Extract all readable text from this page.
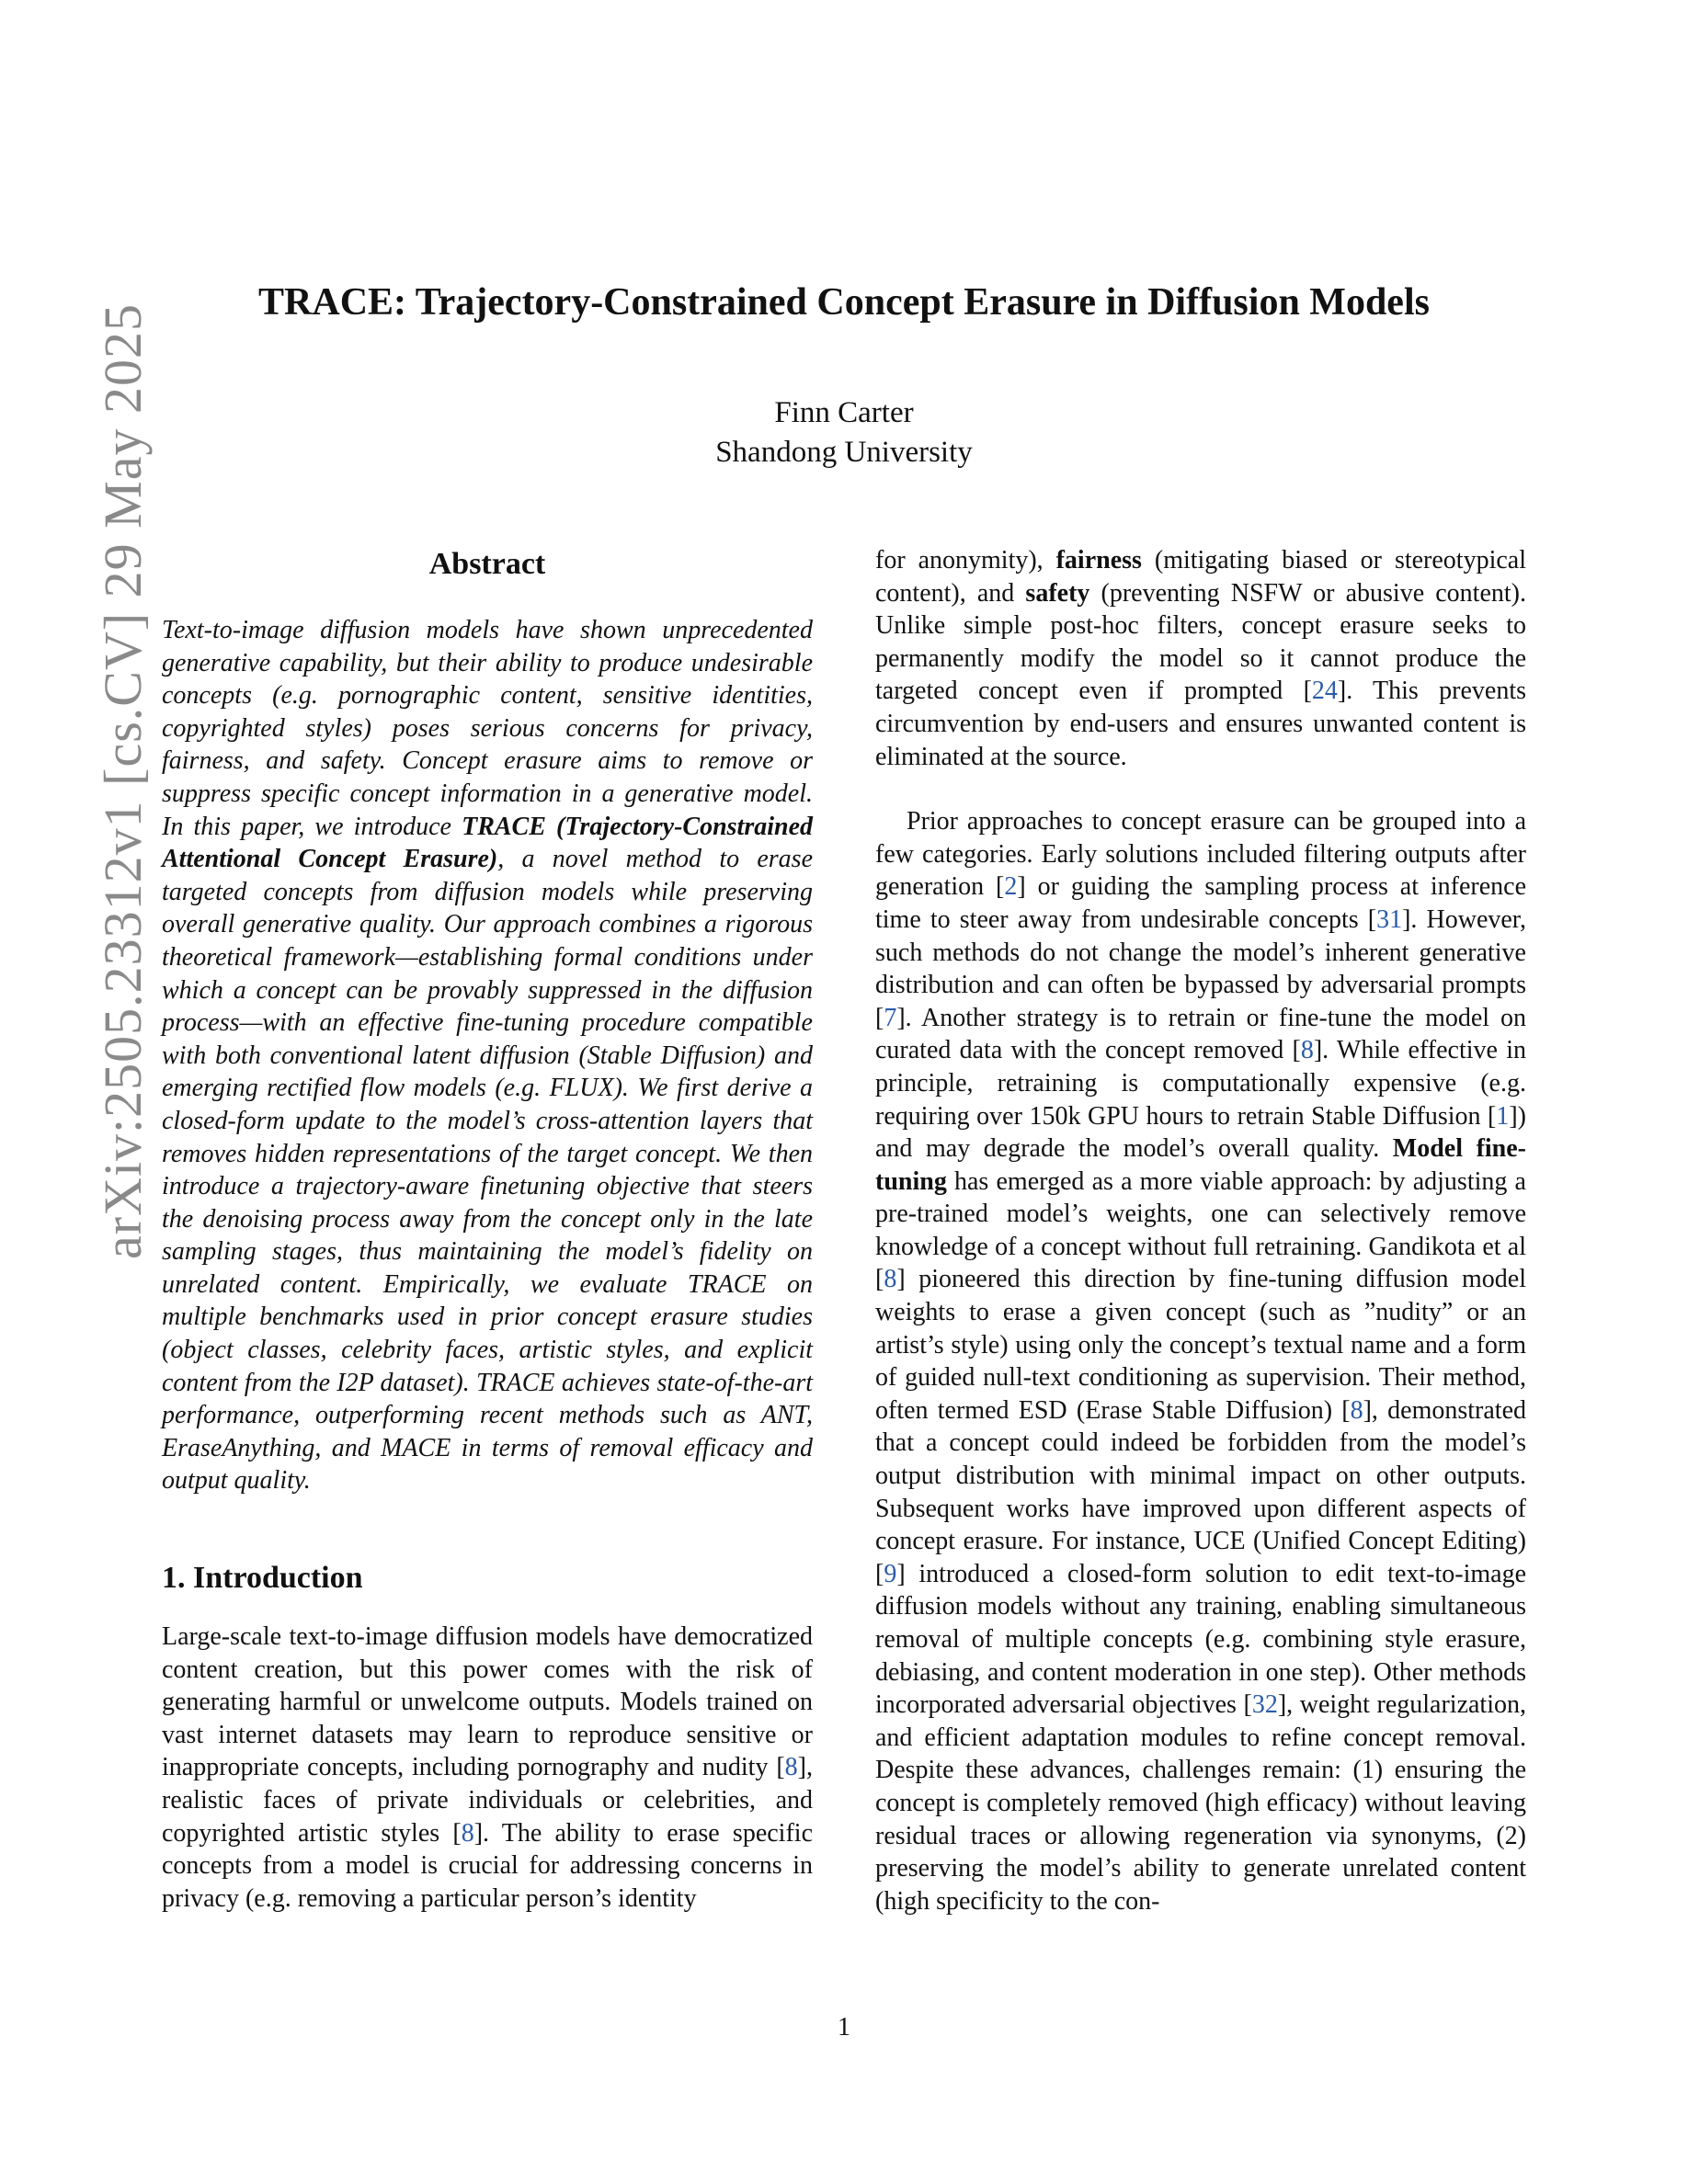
arXiv:2505.23312v1 [cs.CV] 29 May 2025
TRACE: Trajectory-Constrained Concept Erasure in Diffusion Models
Finn Carter
Shandong University
Abstract

Text-to-image diffusion models have shown unprecedented generative capability, but their ability to produce undesirable concepts (e.g. pornographic content, sensitive identities, copyrighted styles) poses serious concerns for privacy, fairness, and safety. Concept erasure aims to remove or suppress specific concept information in a generative model. In this paper, we introduce TRACE (Trajectory-Constrained Attentional Concept Erasure), a novel method to erase targeted concepts from diffusion models while preserving overall generative quality. Our approach combines a rigorous theoretical framework—establishing formal conditions under which a concept can be provably suppressed in the diffusion process—with an effective fine-tuning procedure compatible with both conventional latent diffusion (Stable Diffusion) and emerging rectified flow models (e.g. FLUX). We first derive a closed-form update to the model’s cross-attention layers that removes hidden representations of the target concept. We then introduce a trajectory-aware finetuning objective that steers the denoising process away from the concept only in the late sampling stages, thus maintaining the model’s fidelity on unrelated content. Empirically, we evaluate TRACE on multiple benchmarks used in prior concept erasure studies (object classes, celebrity faces, artistic styles, and explicit content from the I2P dataset). TRACE achieves state-of-the-art performance, outperforming recent methods such as ANT, EraseAnything, and MACE in terms of removal efficacy and output quality.

1. Introduction

Large-scale text-to-image diffusion models have democratized content creation, but this power comes with the risk of generating harmful or unwelcome outputs. Models trained on vast internet datasets may learn to reproduce sensitive or inappropriate concepts, including pornography and nudity [8], realistic faces of private individuals or celebrities, and copyrighted artistic styles [8]. The ability to erase specific concepts from a model is crucial for addressing concerns in privacy (e.g. removing a particular person’s identity

for anonymity), fairness (mitigating biased or stereotypical content), and safety (preventing NSFW or abusive content). Unlike simple post-hoc filters, concept erasure seeks to permanently modify the model so it cannot produce the targeted concept even if prompted [24]. This prevents circumvention by end-users and ensures unwanted content is eliminated at the source.

Prior approaches to concept erasure can be grouped into a few categories. Early solutions included filtering outputs after generation [2] or guiding the sampling process at inference time to steer away from undesirable concepts [31]. However, such methods do not change the model’s inherent generative distribution and can often be bypassed by adversarial prompts [7]. Another strategy is to retrain or fine-tune the model on curated data with the concept removed [8]. While effective in principle, retraining is computationally expensive (e.g. requiring over 150k GPU hours to retrain Stable Diffusion [1]) and may degrade the model’s overall quality. Model fine-tuning has emerged as a more viable approach: by adjusting a pre-trained model’s weights, one can selectively remove knowledge of a concept without full retraining. Gandikota et al [8] pioneered this direction by fine-tuning diffusion model weights to erase a given concept (such as ”nudity” or an artist’s style) using only the concept’s textual name and a form of guided null-text conditioning as supervision. Their method, often termed ESD (Erase Stable Diffusion) [8], demonstrated that a concept could indeed be forbidden from the model’s output distribution with minimal impact on other outputs. Subsequent works have improved upon different aspects of concept erasure. For instance, UCE (Unified Concept Editing) [9] introduced a closed-form solution to edit text-to-image diffusion models without any training, enabling simultaneous removal of multiple concepts (e.g. combining style erasure, debiasing, and content moderation in one step). Other methods incorporated adversarial objectives [32], weight regularization, and efficient adaptation modules to refine concept removal. Despite these advances, challenges remain: (1) ensuring the concept is completely removed (high efficacy) without leaving residual traces or allowing regeneration via synonyms, (2) preserving the model’s ability to generate unrelated content (high specificity to the con-

1
